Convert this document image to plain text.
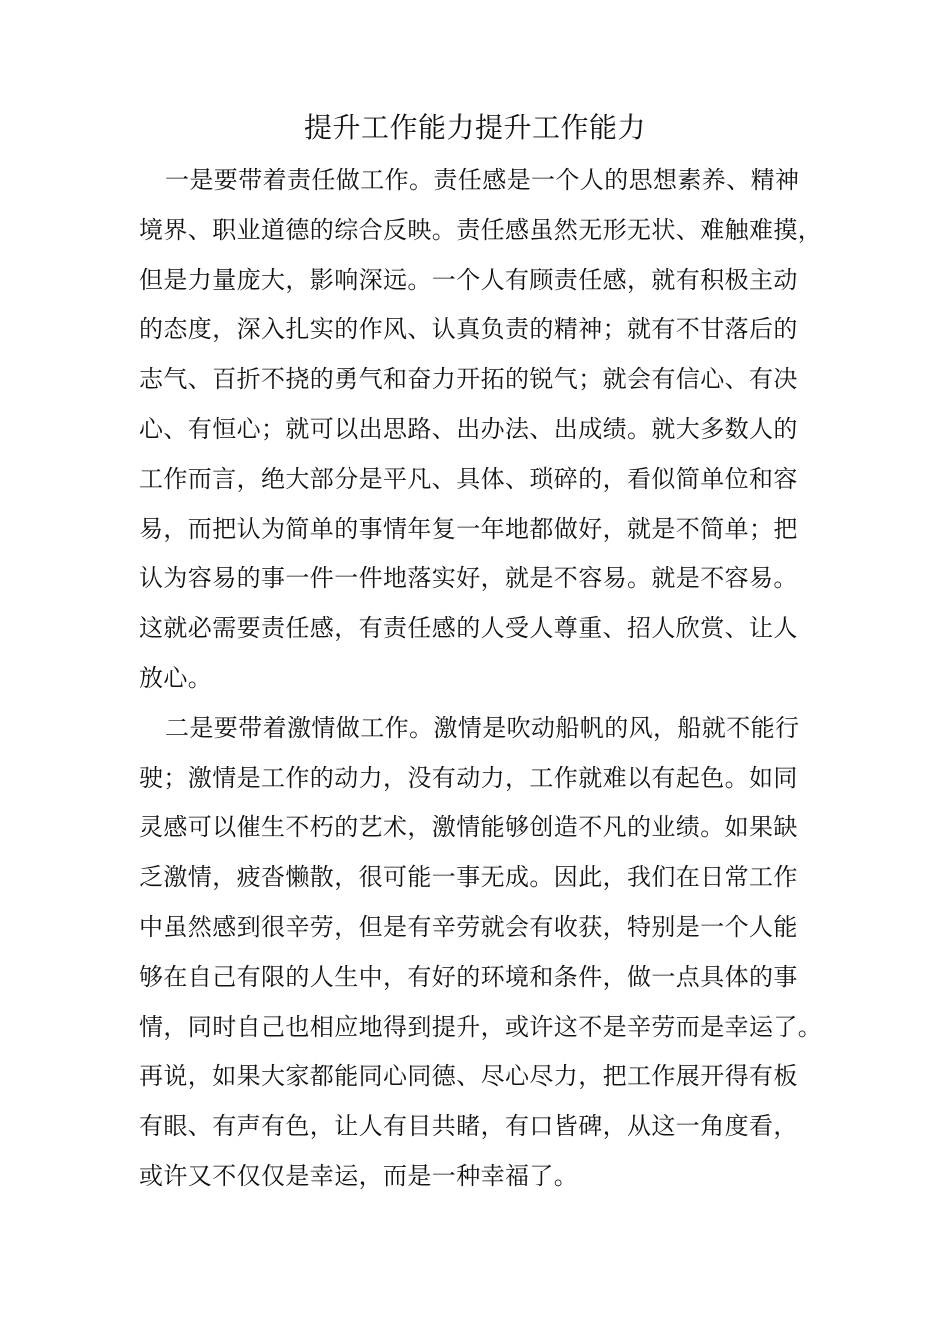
提升工作能力提升工作能力
一是要带着责任做工作。责任感是一个人的思想素养、精神
境界、职业道德的综合反映。责任感虽然无形无状、难触难摸，
但是力量庞大，影响深远。一个人有顾责任感，就有积极主动
的态度，深入扎实的作风、认真负责的精神；就有不甘落后的
志气、百折不挠的勇气和奋力开拓的锐气；就会有信心、有决
心、有恒心；就可以出思路、出办法、出成绩。就大多数人的
工作而言，绝大部分是平凡、具体、琐碎的，看似简单位和容
易，而把认为简单的事情年复一年地都做好，就是不简单；把
认为容易的事一件一件地落实好，就是不容易。就是不容易。
这就必需要责任感，有责任感的人受人尊重、招人欣赏、让人
放心。
二是要带着激情做工作。激情是吹动船帆的风，船就不能行
驶；激情是工作的动力，没有动力，工作就难以有起色。如同
灵感可以催生不朽的艺术，激情能够创造不凡的业绩。如果缺
乏激情，疲沓懒散，很可能一事无成。因此，我们在日常工作
中虽然感到很辛劳，但是有辛劳就会有收获，特别是一个人能
够在自己有限的人生中，有好的环境和条件，做一点具体的事
情，同时自己也相应地得到提升，或许这不是辛劳而是幸运了。
再说，如果大家都能同心同德、尽心尽力，把工作展开得有板
有眼、有声有色，让人有目共睹，有口皆碑，从这一角度看，
或许又不仅仅是幸运，而是一种幸福了。
